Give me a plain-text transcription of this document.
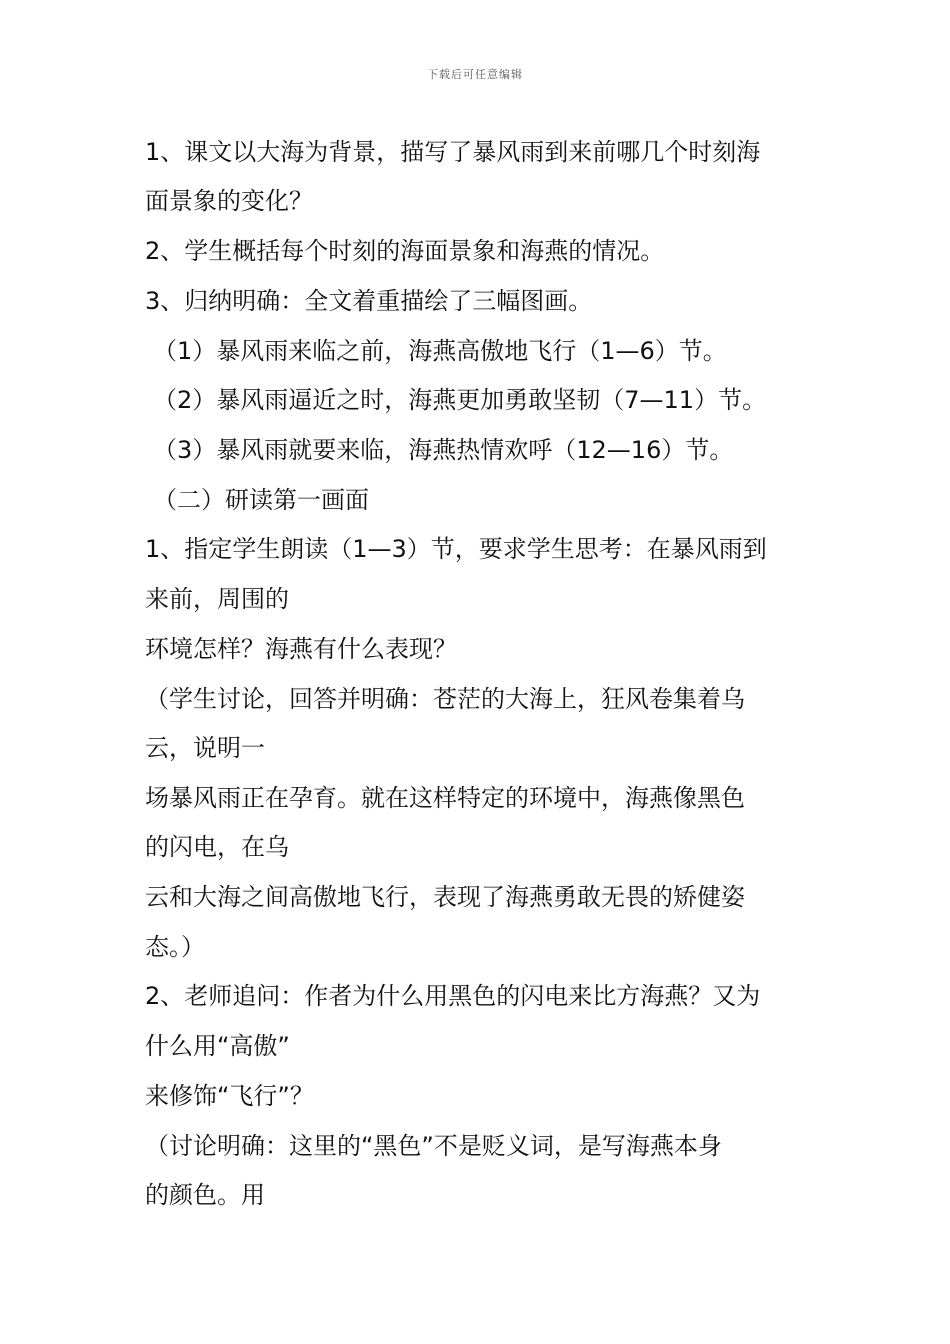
下载后可任意编辑
1、课文以大海为背景，描写了暴风雨到来前哪几个时刻海
面景象的变化？
2、学生概括每个时刻的海面景象和海燕的情况。
3、归纳明确：全文着重描绘了三幅图画。
（1）暴风雨来临之前，海燕高傲地飞行（1—6）节。
（2）暴风雨逼近之时，海燕更加勇敢坚韧（7—11）节。
（3）暴风雨就要来临，海燕热情欢呼（12—16）节。
（二）研读第一画面
1、指定学生朗读（1—3）节，要求学生思考：在暴风雨到
来前，周围的
环境怎样？海燕有什么表现？
（学生讨论，回答并明确：苍茫的大海上，狂风卷集着乌
云，说明一
场暴风雨正在孕育。就在这样特定的环境中，海燕像黑色
的闪电，在乌
云和大海之间高傲地飞行，表现了海燕勇敢无畏的矫健姿
态。）
2、老师追问：作者为什么用黑色的闪电来比方海燕？又为
什么用“高傲”
来修饰“飞行”？
（讨论明确：这里的“黑色”不是贬义词，是写海燕本身
的颜色。用
